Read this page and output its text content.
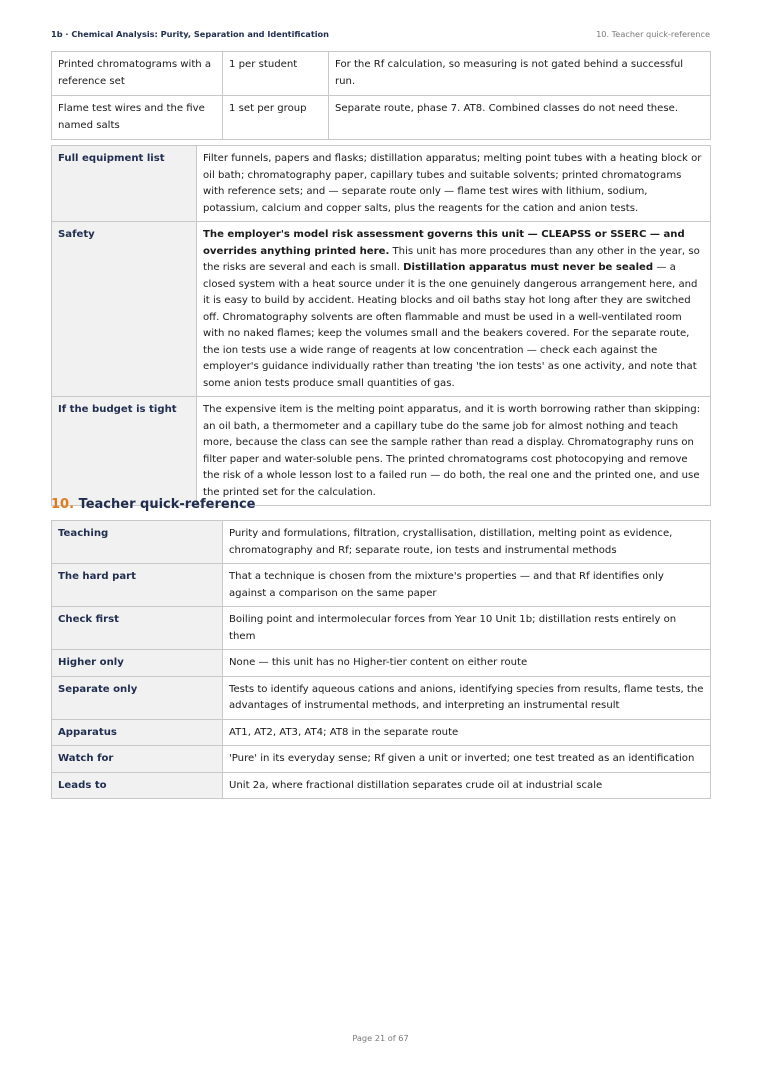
1b · Chemical Analysis: Purity, Separation and Identification	10. Teacher quick-reference
Printed chromatograms with a reference set	1 per student	For the Rf calculation, so measuring is not gated behind a successful run.
Flame test wires and the five named salts	1 set per group	Separate route, phase 7. AT8. Combined classes do not need these.
Full equipment list	Filter funnels, papers and flasks; distillation apparatus; melting point tubes with a heating block or oil bath; chromatography paper, capillary tubes and suitable solvents; printed chromatograms with reference sets; and — separate route only — flame test wires with lithium, sodium, potassium, calcium and copper salts, plus the reagents for the cation and anion tests.
Safety	The employer's model risk assessment governs this unit — CLEAPSS or SSERC — and overrides anything printed here. This unit has more procedures than any other in the year, so the risks are several and each is small. Distillation apparatus must never be sealed — a closed system with a heat source under it is the one genuinely dangerous arrangement here, and it is easy to build by accident. Heating blocks and oil baths stay hot long after they are switched off. Chromatography solvents are often flammable and must be used in a well-ventilated room with no naked flames; keep the volumes small and the beakers covered. For the separate route, the ion tests use a wide range of reagents at low concentration — check each against the employer's guidance individually rather than treating 'the ion tests' as one activity, and note that some anion tests produce small quantities of gas.
If the budget is tight	The expensive item is the melting point apparatus, and it is worth borrowing rather than skipping: an oil bath, a thermometer and a capillary tube do the same job for almost nothing and teach more, because the class can see the sample rather than read a display. Chromatography runs on filter paper and water-soluble pens. The printed chromatograms cost photocopying and remove the risk of a whole lesson lost to a failed run — do both, the real one and the printed one, and use the printed set for the calculation.
10. Teacher quick-reference
Teaching	Purity and formulations, filtration, crystallisation, distillation, melting point as evidence, chromatography and Rf; separate route, ion tests and instrumental methods
The hard part	That a technique is chosen from the mixture's properties — and that Rf identifies only against a comparison on the same paper
Check first	Boiling point and intermolecular forces from Year 10 Unit 1b; distillation rests entirely on them
Higher only	None — this unit has no Higher-tier content on either route
Separate only	Tests to identify aqueous cations and anions, identifying species from results, flame tests, the advantages of instrumental methods, and interpreting an instrumental result
Apparatus	AT1, AT2, AT3, AT4; AT8 in the separate route
Watch for	'Pure' in its everyday sense; Rf given a unit or inverted; one test treated as an identification
Leads to	Unit 2a, where fractional distillation separates crude oil at industrial scale
Page 21 of 67
